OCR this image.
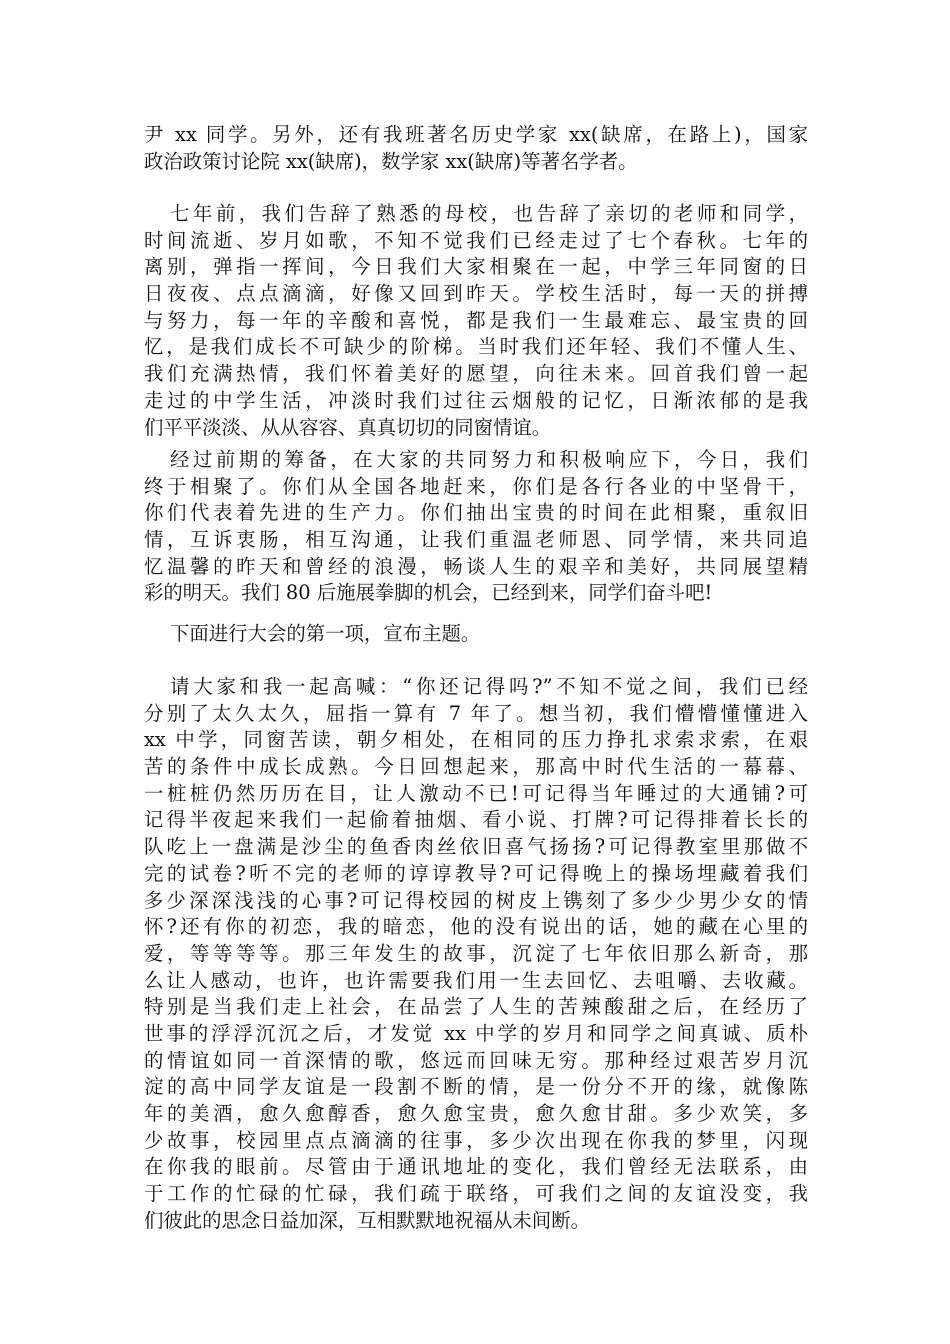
尹 xx 同学。另外，还有我班著名历史学家 xx(缺席，在路上)，国家
政治政策讨论院 xx(缺席)，数学家 xx(缺席)等著名学者。
七年前，我们告辞了熟悉的母校，也告辞了亲切的老师和同学，
时间流逝、岁月如歌，不知不觉我们已经走过了七个春秋。七年的
离别，弹指一挥间，今日我们大家相聚在一起，中学三年同窗的日
日夜夜、点点滴滴，好像又回到昨天。学校生活时，每一天的拼搏
与努力，每一年的辛酸和喜悦，都是我们一生最难忘、最宝贵的回
忆，是我们成长不可缺少的阶梯。当时我们还年轻、我们不懂人生、
我们充满热情，我们怀着美好的愿望，向往未来。回首我们曾一起
走过的中学生活，冲淡时我们过往云烟般的记忆，日渐浓郁的是我
们平平淡淡、从从容容、真真切切的同窗情谊。
经过前期的筹备，在大家的共同努力和积极响应下，今日，我们
终于相聚了。你们从全国各地赶来，你们是各行各业的中坚骨干，
你们代表着先进的生产力。你们抽出宝贵的时间在此相聚，重叙旧
情，互诉衷肠，相互沟通，让我们重温老师恩、同学情，来共同追
忆温馨的昨天和曾经的浪漫，畅谈人生的艰辛和美好，共同展望精
彩的明天。我们 80 后施展拳脚的机会，已经到来，同学们奋斗吧!
下面进行大会的第一项，宣布主题。
请大家和我一起高喊：“你还记得吗?”不知不觉之间，我们已经
分别了太久太久，屈指一算有 7 年了。想当初，我们懵懵懂懂进入
xx 中学，同窗苦读，朝夕相处，在相同的压力挣扎求索求索，在艰
苦的条件中成长成熟。今日回想起来，那高中时代生活的一幕幕、
一桩桩仍然历历在目，让人激动不已!可记得当年睡过的大通铺?可
记得半夜起来我们一起偷着抽烟、看小说、打牌?可记得排着长长的
队吃上一盘满是沙尘的鱼香肉丝依旧喜气扬扬?可记得教室里那做不
完的试卷?听不完的老师的谆谆教导?可记得晚上的操场埋藏着我们
多少深深浅浅的心事?可记得校园的树皮上镌刻了多少少男少女的情
怀?还有你的初恋，我的暗恋，他的没有说出的话，她的藏在心里的
爱，等等等等。那三年发生的故事，沉淀了七年依旧那么新奇，那
么让人感动，也许，也许需要我们用一生去回忆、去咀嚼、去收藏。
特别是当我们走上社会，在品尝了人生的苦辣酸甜之后，在经历了
世事的浮浮沉沉之后，才发觉 xx 中学的岁月和同学之间真诚、质朴
的情谊如同一首深情的歌，悠远而回味无穷。那种经过艰苦岁月沉
淀的高中同学友谊是一段割不断的情，是一份分不开的缘，就像陈
年的美酒，愈久愈醇香，愈久愈宝贵，愈久愈甘甜。多少欢笑，多
少故事，校园里点点滴滴的往事，多少次出现在你我的梦里，闪现
在你我的眼前。尽管由于通讯地址的变化，我们曾经无法联系，由
于工作的忙碌的忙碌，我们疏于联络，可我们之间的友谊没变，我
们彼此的思念日益加深，互相默默地祝福从未间断。
